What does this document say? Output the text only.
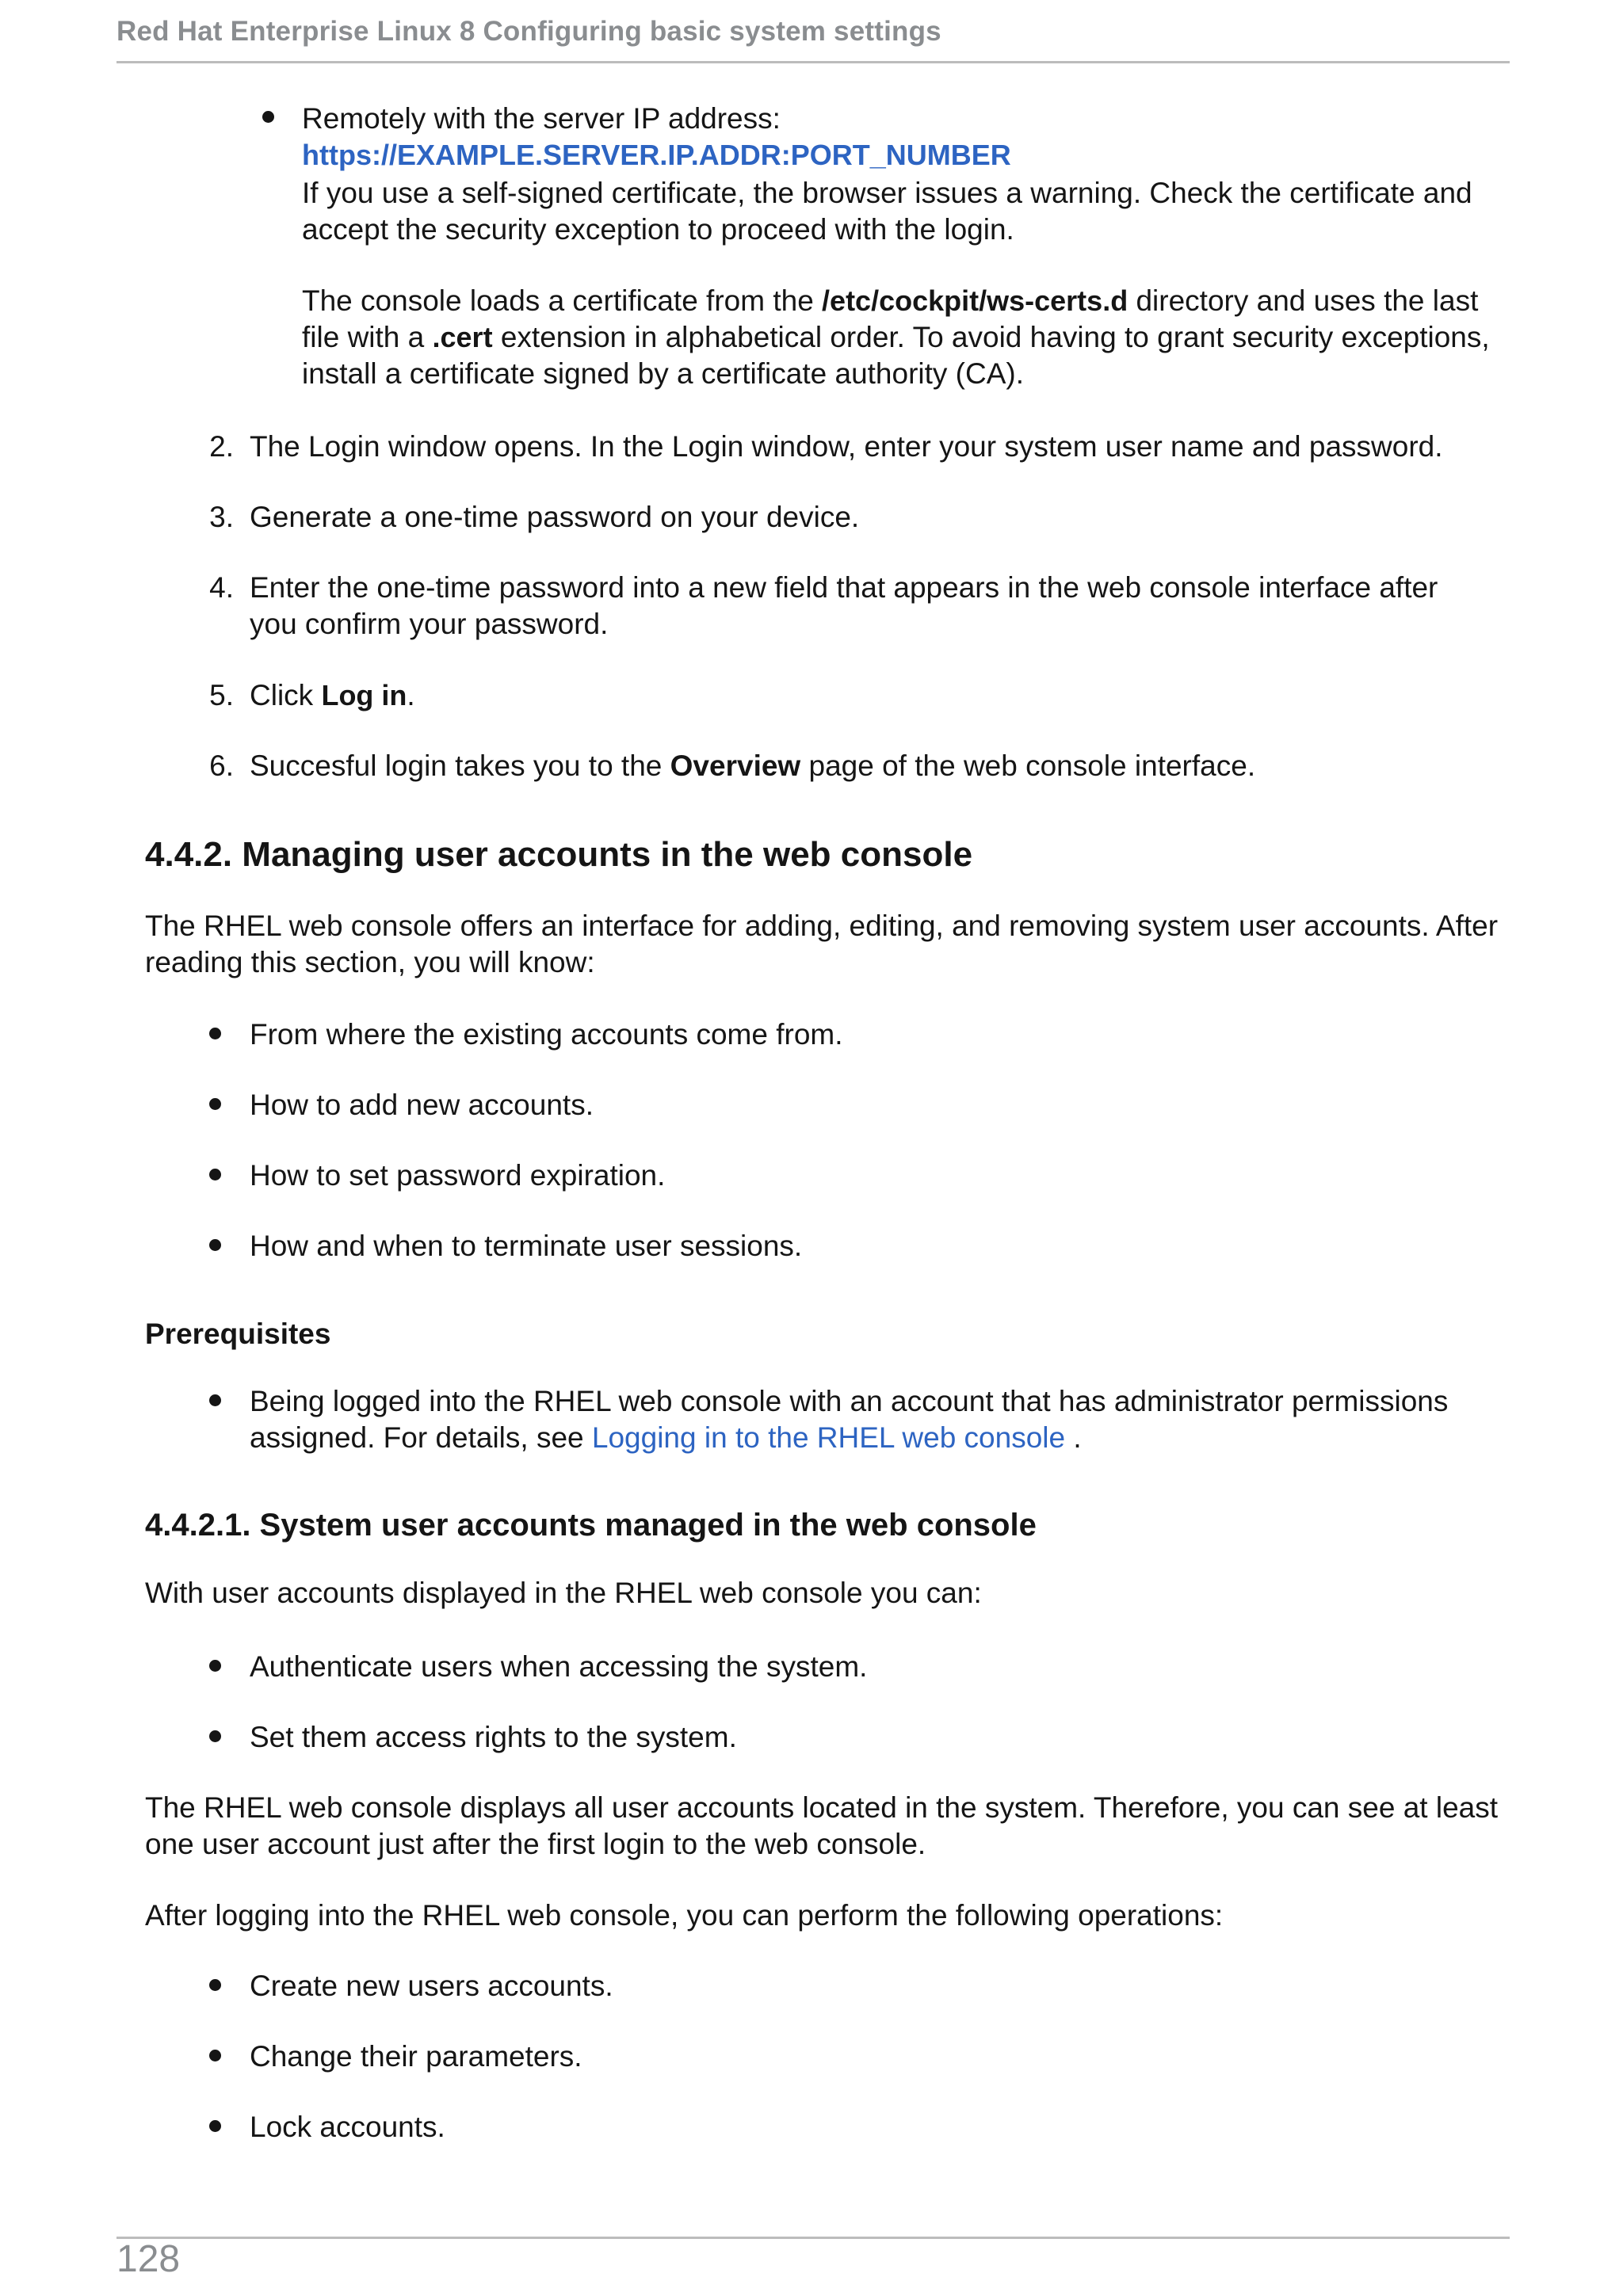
Red Hat Enterprise Linux 8 Configuring basic system settings
Remotely with the server IP address:
https://EXAMPLE.SERVER.IP.ADDR:PORT_NUMBER
If you use a self-signed certificate, the browser issues a warning. Check the certificate and accept the security exception to proceed with the login.
The console loads a certificate from the /etc/cockpit/ws-certs.d directory and uses the last file with a .cert extension in alphabetical order. To avoid having to grant security exceptions, install a certificate signed by a certificate authority (CA).
2. The Login window opens. In the Login window, enter your system user name and password.
3. Generate a one-time password on your device.
4. Enter the one-time password into a new field that appears in the web console interface after you confirm your password.
5. Click Log in.
6. Succesful login takes you to the Overview page of the web console interface.
4.4.2. Managing user accounts in the web console
The RHEL web console offers an interface for adding, editing, and removing system user accounts. After reading this section, you will know:
From where the existing accounts come from.
How to add new accounts.
How to set password expiration.
How and when to terminate user sessions.
Prerequisites
Being logged into the RHEL web console with an account that has administrator permissions assigned. For details, see Logging in to the RHEL web console .
4.4.2.1. System user accounts managed in the web console
With user accounts displayed in the RHEL web console you can:
Authenticate users when accessing the system.
Set them access rights to the system.
The RHEL web console displays all user accounts located in the system. Therefore, you can see at least one user account just after the first login to the web console.
After logging into the RHEL web console, you can perform the following operations:
Create new users accounts.
Change their parameters.
Lock accounts.
128
